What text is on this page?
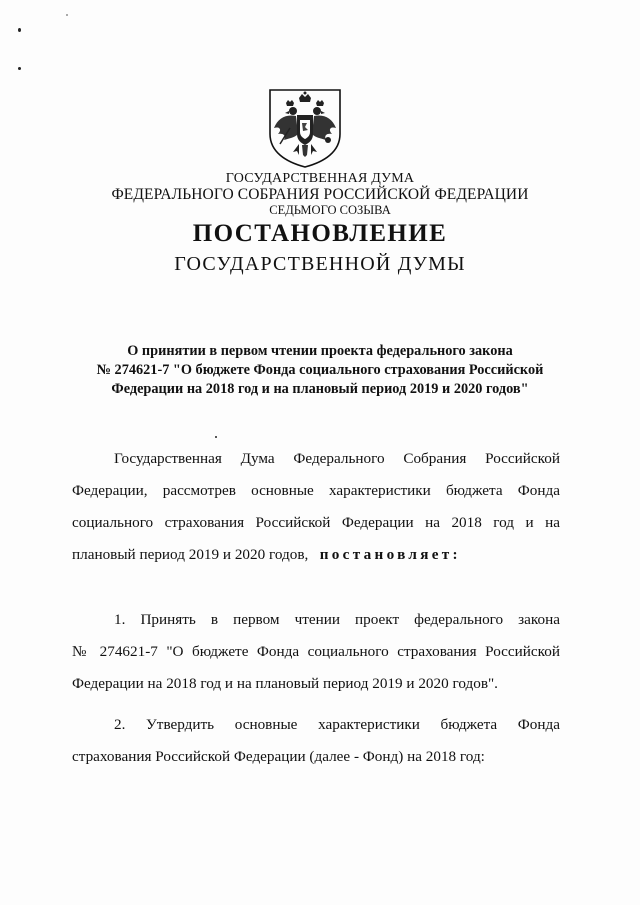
ГОСУДАРСТВЕННАЯ ДУМА
ФЕДЕРАЛЬНОГО СОБРАНИЯ РОССИЙСКОЙ ФЕДЕРАЦИИ
СЕДЬМОГО СОЗЫВА
ПОСТАНОВЛЕНИЕ
ГОСУДАРСТВЕННОЙ ДУМЫ
О принятии в первом чтении проекта федерального закона
№ 274621-7 "О бюджете Фонда социального страхования Российской
Федерации на 2018 год и на плановый период 2019 и 2020 годов"
Государственная Дума Федерального Собрания Российской
Федерации, рассмотрев основные характеристики бюджета Фонда
социального страхования Российской Федерации на 2018 год и на
плановый период 2019 и 2020 годов, постановляет:
1. Принять в первом чтении проект федерального закона
№ 274621-7 "О бюджете Фонда социального страхования Российской
Федерации на 2018 год и на плановый период 2019 и 2020 годов".
2. Утвердить основные характеристики бюджета Фонда
страхования Российской Федерации (далее - Фонд) на 2018 год:
